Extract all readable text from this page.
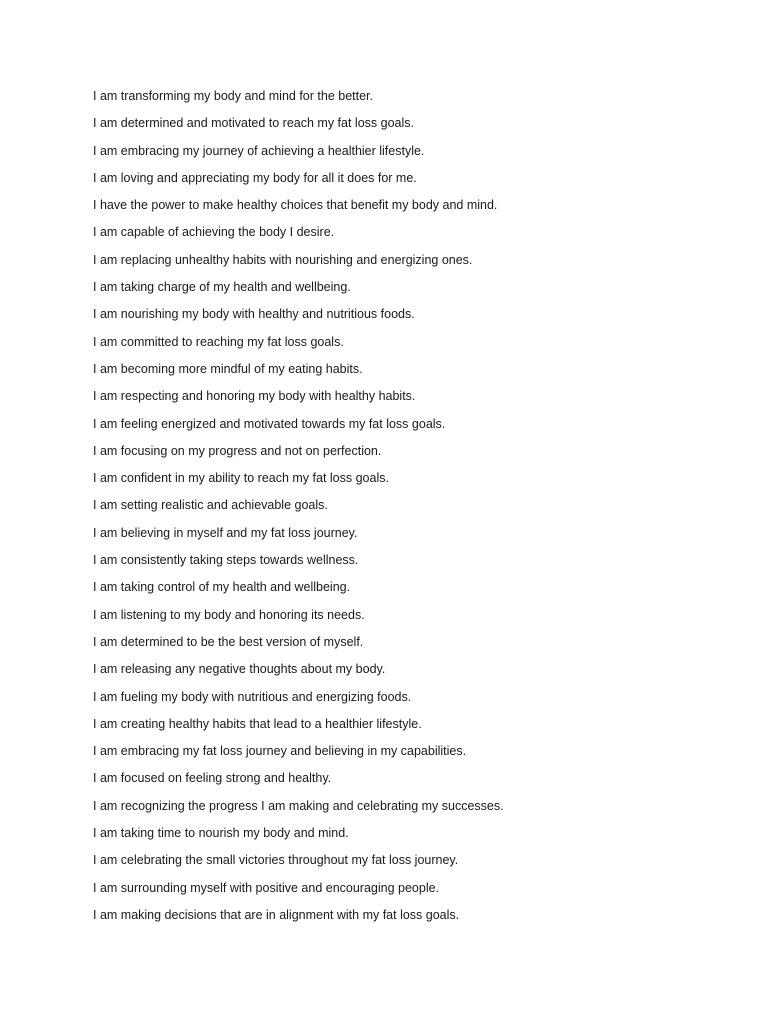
I am transforming my body and mind for the better.
I am determined and motivated to reach my fat loss goals.
I am embracing my journey of achieving a healthier lifestyle.
I am loving and appreciating my body for all it does for me.
I have the power to make healthy choices that benefit my body and mind.
I am capable of achieving the body I desire.
I am replacing unhealthy habits with nourishing and energizing ones.
I am taking charge of my health and wellbeing.
I am nourishing my body with healthy and nutritious foods.
I am committed to reaching my fat loss goals.
I am becoming more mindful of my eating habits.
I am respecting and honoring my body with healthy habits.
I am feeling energized and motivated towards my fat loss goals.
I am focusing on my progress and not on perfection.
I am confident in my ability to reach my fat loss goals.
I am setting realistic and achievable goals.
I am believing in myself and my fat loss journey.
I am consistently taking steps towards wellness.
I am taking control of my health and wellbeing.
I am listening to my body and honoring its needs.
I am determined to be the best version of myself.
I am releasing any negative thoughts about my body.
I am fueling my body with nutritious and energizing foods.
I am creating healthy habits that lead to a healthier lifestyle.
I am embracing my fat loss journey and believing in my capabilities.
I am focused on feeling strong and healthy.
I am recognizing the progress I am making and celebrating my successes.
I am taking time to nourish my body and mind.
I am celebrating the small victories throughout my fat loss journey.
I am surrounding myself with positive and encouraging people.
I am making decisions that are in alignment with my fat loss goals.
